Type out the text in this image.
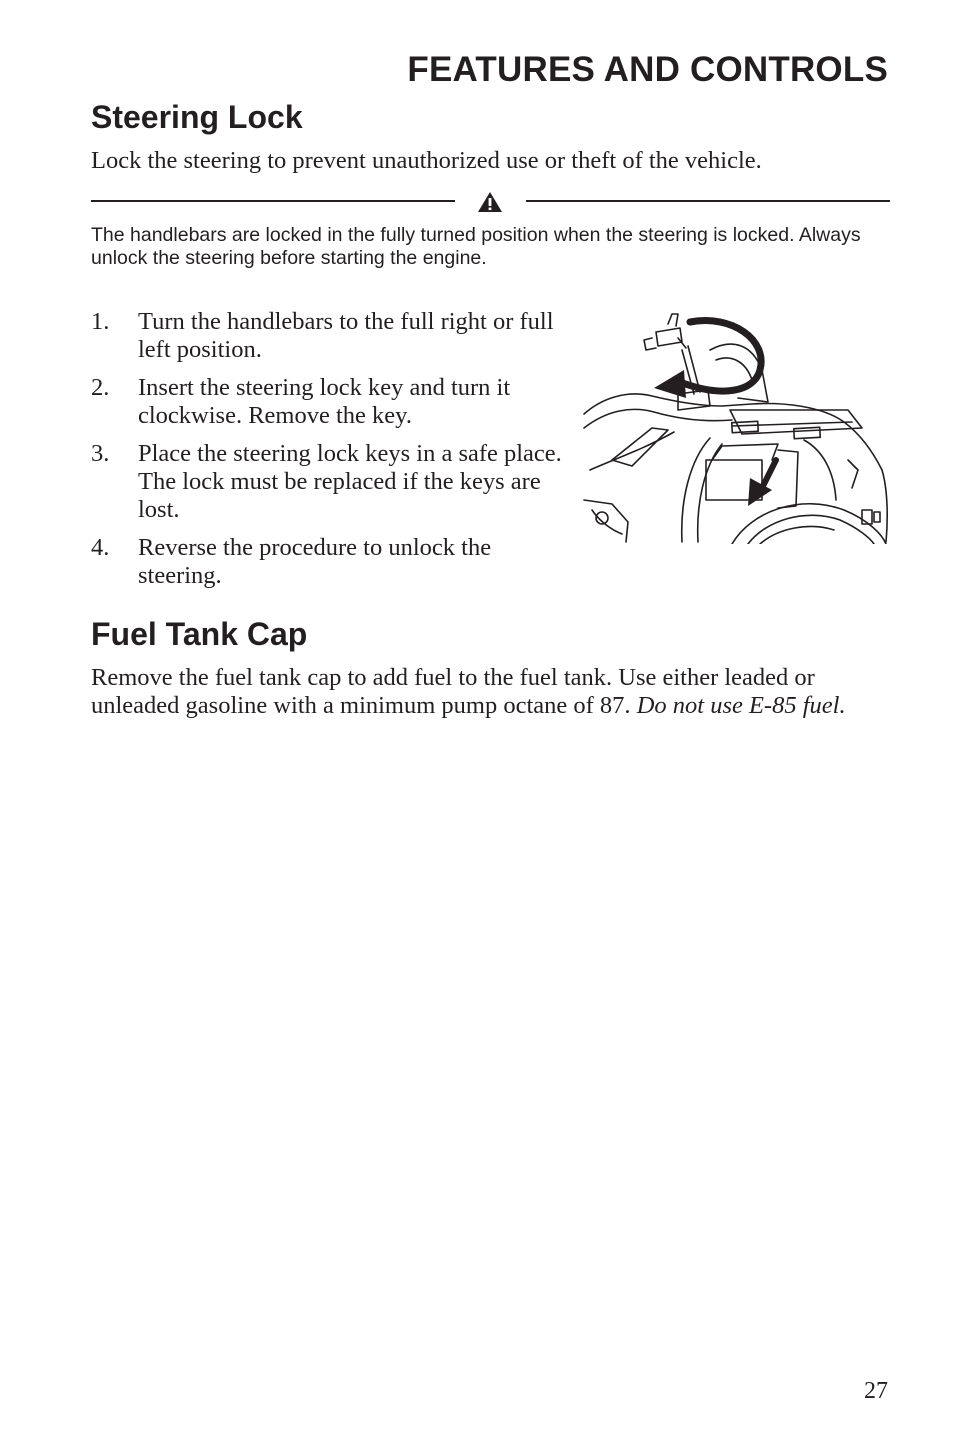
FEATURES AND CONTROLS
Steering Lock

Lock the steering to prevent unauthorized use or theft of the vehicle.

The handlebars are locked in the fully turned position when the steering is locked. Always unlock the steering before starting the engine.

1. Turn the handlebars to the full right or full left position.
2. Insert the steering lock key and turn it clockwise. Remove the key.
3. Place the steering lock keys in a safe place. The lock must be replaced if the keys are lost.
4. Reverse the procedure to unlock the steering.
Fuel Tank Cap

Remove the fuel tank cap to add fuel to the fuel tank. Use either leaded or unleaded gasoline with a minimum pump octane of 87. Do not use E-85 fuel.

27
